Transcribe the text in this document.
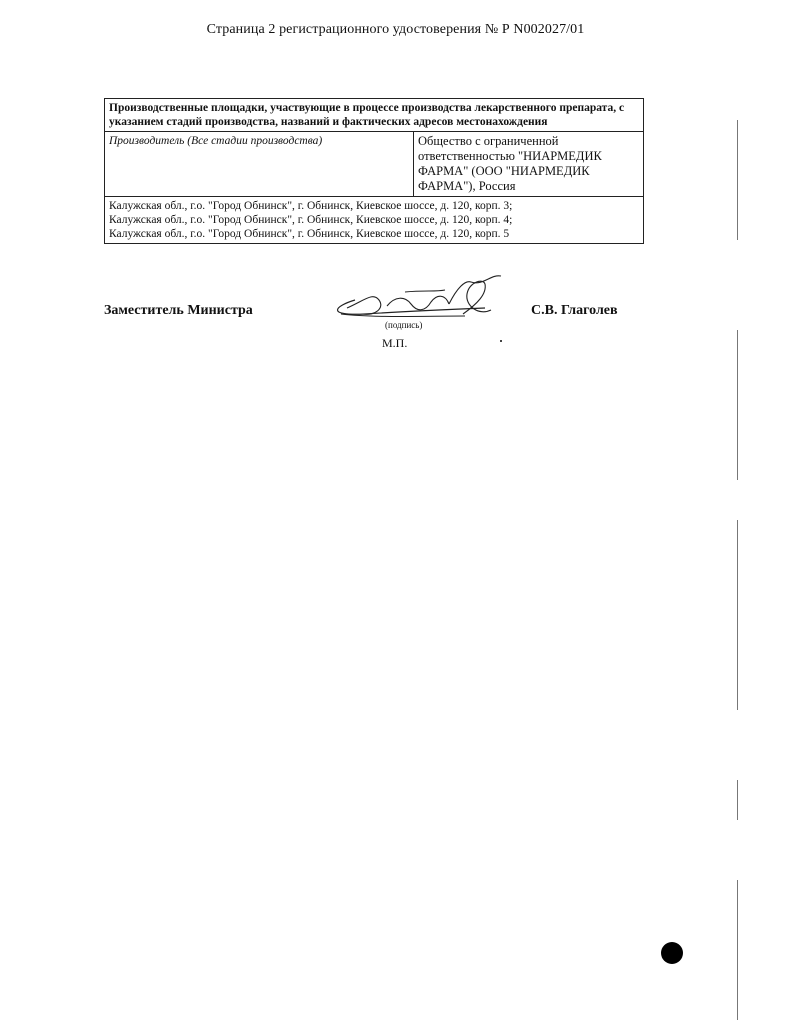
Страница 2 регистрационного удостоверения № Р N002027/01
Производственные площадки, участвующие в процессе производства лекарственного препарата, с указанием стадий производства, названий и фактических адресов местонахождения
Производитель (Все стадии производства)	Общество с ограниченной ответственностью "НИАРМЕДИК ФАРМА" (ООО "НИАРМЕДИК ФАРМА"), Россия

Калужская обл., г.о. "Город Обнинск", г. Обнинск, Киевское шоссе, д. 120, корп. 3;
Калужская обл., г.о. "Город Обнинск", г. Обнинск, Киевское шоссе, д. 120, корп. 4;
Калужская обл., г.о. "Город Обнинск", г. Обнинск, Киевское шоссе, д. 120, корп. 5
Заместитель Министра
(подпись)
С.В. Глаголев
М.П.
